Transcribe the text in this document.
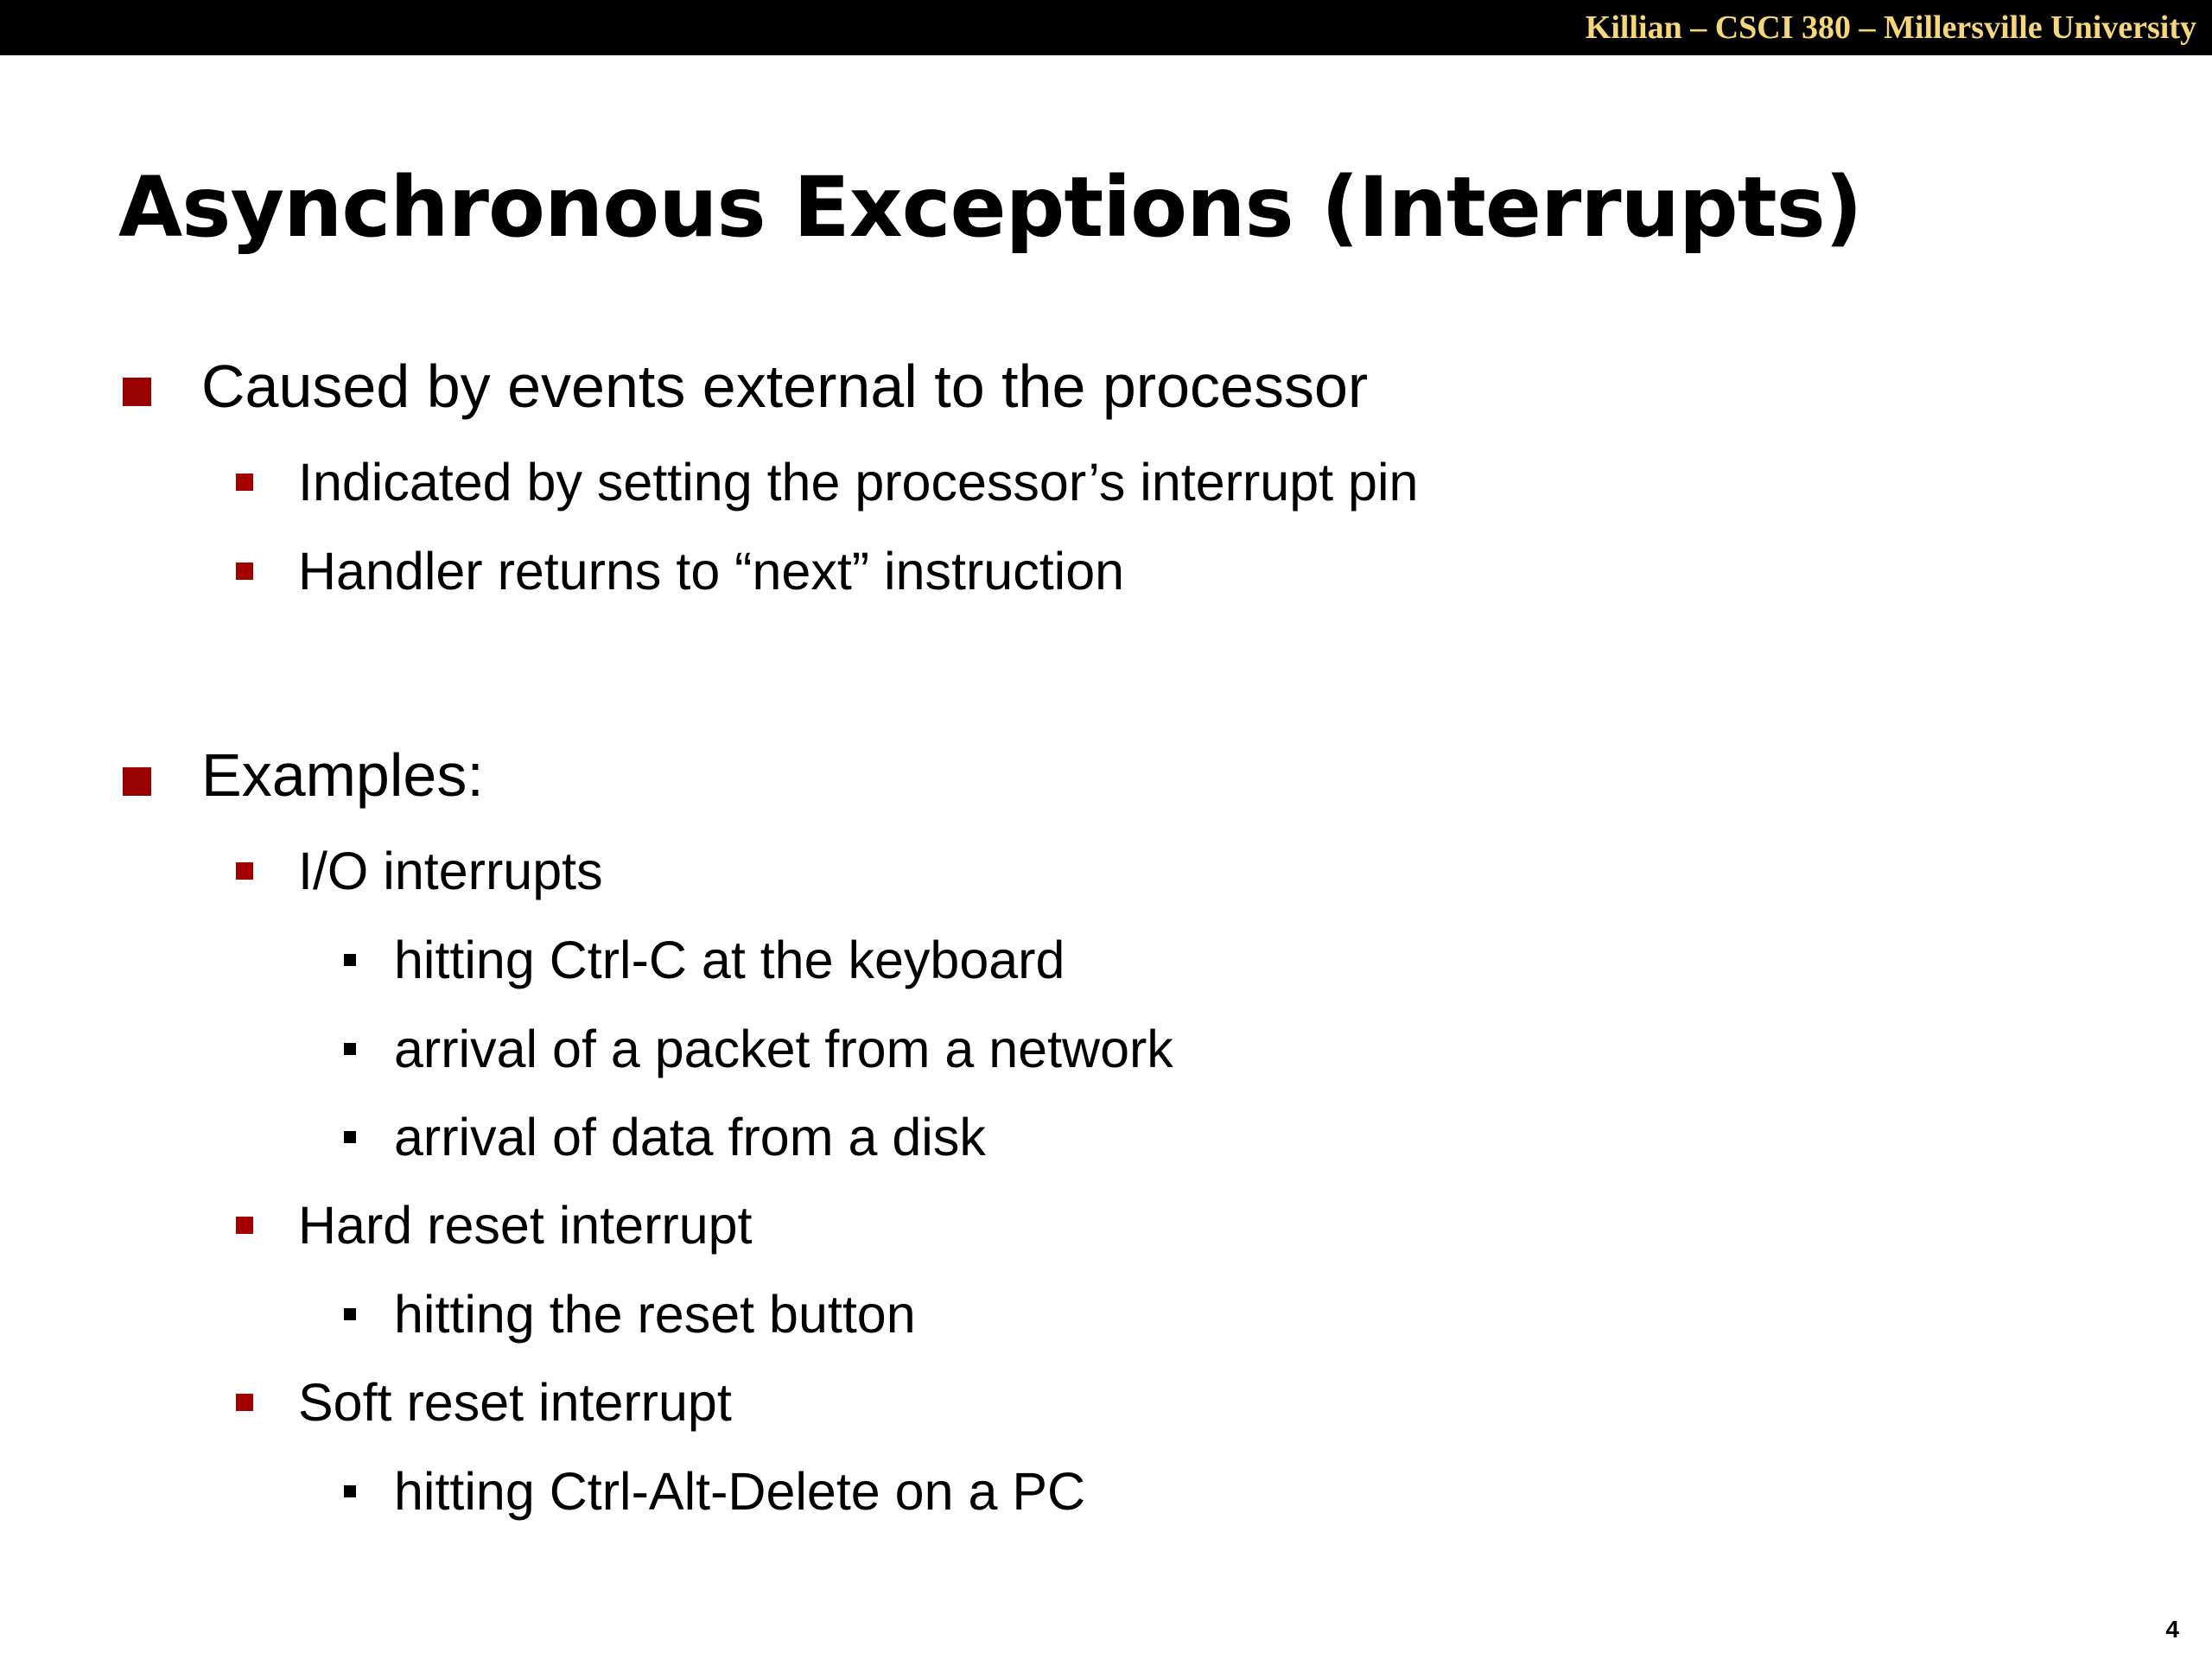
Killian – CSCI 380 – Millersville University
Asynchronous Exceptions (Interrupts)
Caused by events external to the processor
Indicated by setting the processor’s interrupt pin
Handler returns to “next” instruction
Examples:
I/O interrupts
hitting Ctrl-C at the keyboard
arrival of a packet from a network
arrival of data from a disk
Hard reset interrupt
hitting the reset button
Soft reset interrupt
hitting Ctrl-Alt-Delete on a PC
4
